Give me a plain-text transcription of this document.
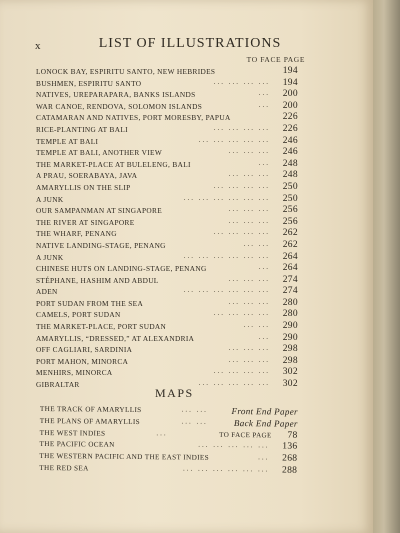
x	LIST OF ILLUSTRATIONS
TO FACE PAGE
LONOCK BAY, ESPIRITU SANTO, NEW HEBRIDES	194
BUSHMEN, ESPIRITU SANTO	... ... ... ... 194
NATIVES, UREPARAPARA, BANKS ISLANDS	... 200
WAR CANOE, RENDOVA, SOLOMON ISLANDS	... 200
CATAMARAN AND NATIVES, PORT MORESBY, PAPUA	226
RICE-PLANTING AT BALI	... ... ... ... 226
TEMPLE AT BALI	... ... ... ... ... 246
TEMPLE AT BALI, ANOTHER VIEW	... ... ... 246
THE MARKET-PLACE AT BULELENG, BALI	... 248
A PRAU, SOERABAYA, JAVA	... ... ... 248
AMARYLLIS ON THE SLIP	... ... ... ... 250
A JUNK	... ... ... ... ... ... 250
OUR SAMPANMAN AT SINGAPORE	... ... ... 256
THE RIVER AT SINGAPORE	... ... ... 256
THE WHARF, PENANG	... ... ... ... 262
NATIVE LANDING-STAGE, PENANG	... ... 262
A JUNK	... ... ... ... ... ... 264
CHINESE HUTS ON LANDING-STAGE, PENANG	... 264
STÉPHANE, HASHIM AND ABDUL	... ... ... 274
ADEN	... ... ... ... ... ... 274
PORT SUDAN FROM THE SEA	... ... ... 280
CAMELS, PORT SUDAN	... ... ... ... 280
THE MARKET-PLACE, PORT SUDAN	... ... 290
AMARYLLIS, “DRESSED,” AT ALEXANDRIA	... 290
OFF CAGLIARI, SARDINIA	... ... ... 298
PORT MAHON, MINORCA	... ... ... 298
MENHIRS, MINORCA	... ... ... ... 302
GIBRALTAR	... ... ... ... ... 302
MAPS
THE TRACK OF AMARYLLIS	... ...	Front End Paper
THE PLANS OF AMARYLLIS	... ...	Back End Paper
THE WEST INDIES	...	TO FACE PAGE 78
THE PACIFIC OCEAN	... ... ... ... ... 136
THE WESTERN PACIFIC AND THE EAST INDIES	... 268
THE RED SEA	... ... ... ... ... ... 288
